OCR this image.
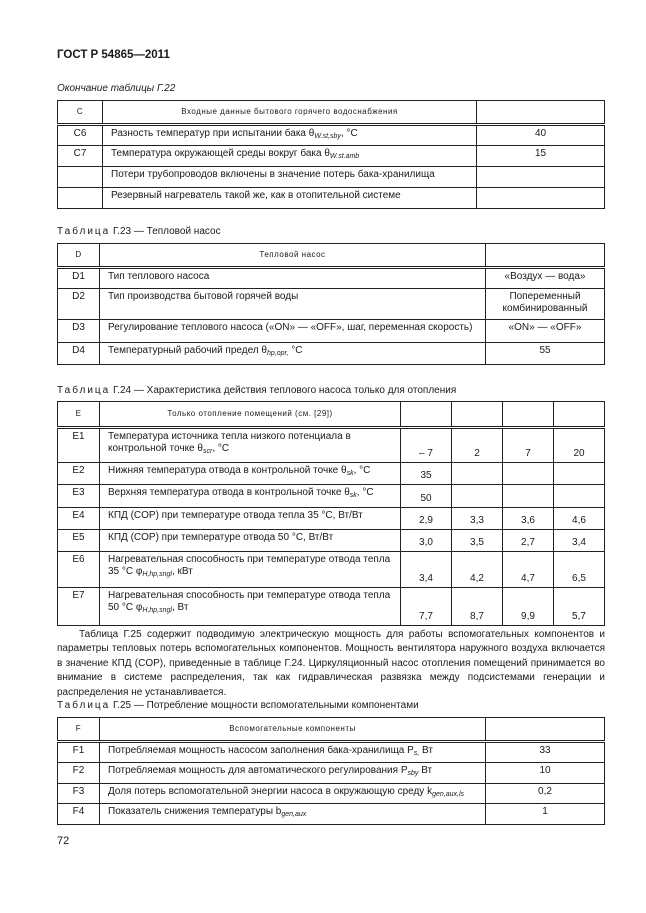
ГОСТ Р 54865—2011
Окончание таблицы Г.22
C	Входные данные бытового горячего водоснабжения	
C6	Разность температур при испытании бака $\theta_{W.st,sby}$, °C	40
C7	Температура окружающей среды вокруг бака $\theta_{W.st.amb}$	15
	Потери трубопроводов включены в значение потерь бака-хранилища	
	Резервный нагреватель такой же, как в отопительной системе	
Таблица Г.23 — Тепловой насос
D	Тепловой насос	
D1	Тип теплового насоса	«Воздух — вода»
D2	Тип производства бытовой горячей воды	Попеременный комбинированный
D3	Регулирование теплового насоса («ON» — «OFF», шаг, переменная скорость)	«ON» — «OFF»
D4	Температурный рабочий предел $\theta_{hp,opr,}$ °C	55
Таблица Г.24 — Характеристика действия теплового насоса только для отопления
E	Только отопление помещений (см. [29])				
E1	Температура источника тепла низкого потенциала в контрольной точке $\theta_{scr}$, °C	– 7	2	7	20
E2	Нижняя температура отвода в контрольной точке $\theta_{sk}$, °C	35			
E3	Верхняя температура отвода в контрольной точке $\theta_{sk}$, °C	50			
E4	КПД (COP) при температуре отвода тепла 35 °С, Вт/Вт	2,9	3,3	3,6	4,6
E5	КПД (COP) при температуре отвода 50 °С, Вт/Вт	3,0	3,5	2,7	3,4
E6	Нагревательная способность при температуре отвода тепла 35 °С $\varphi_{H,hp,sngl}$, кВт	3,4	4,2	4,7	6,5
E7	Нагревательная способность при температуре отвода тепла 50 °С $\varphi_{H,hp,sngl}$, Вт	7,7	8,7	9,9	5,7
Таблица Г.25 содержит подводимую электрическую мощность для работы вспомогательных компонентов и параметры тепловых потерь вспомогательных компонентов. Мощность вентилятора наружного воздуха включается в значение КПД (COP), приведенные в таблице Г.24. Циркуляционный насос отопления помещений принимается во внимание в системе распределения, так как гидравлическая развязка между подсистемами генерации и распределения не устанавливается.
Таблица Г.25 — Потребление мощности вспомогательными компонентами
F	Вспомогательные компоненты	
F1	Потребляемая мощность насосом заполнения бака-хранилища $P_{s,}$ Вт	33
F2	Потребляемая мощность для автоматического регулирования $P_{sby}$ Вт	10
F3	Доля потерь вспомогательной энергии насоса в окружающую среду $k_{gen,aux,ls}$	0,2
F4	Показатель снижения температуры $b_{gen,aux}$	1
72
